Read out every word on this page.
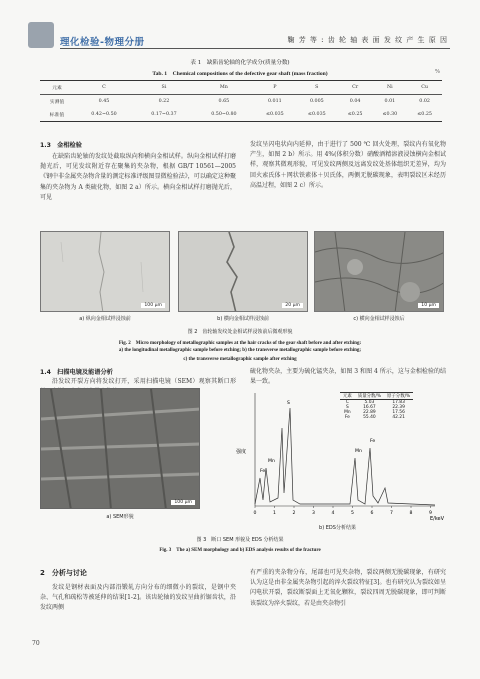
理化检验-物理分册	鞠 芳 等 : 齿 轮 轴 表 面 发 纹 产 生 原 因
表 1　缺陷齿轮轴的化学成分(质量分数)
Tab. 1　Chemical compositions of the defective gear shaft (mass fraction)	%
元素	C	Si	Mn	P	S	Cr	Ni	Cu
实测值	0.45	0.22	0.65	0.011	0.005	0.04	0.01	0.02
标准值	0.42~0.50	0.17~0.37	0.50~0.80	≤0.035	≤0.035	≤0.25	≤0.30	≤0.25
1.3　金相检验
在缺陷齿轮轴的发纹处截取纵向和横向金相试样。纵向金相试样打磨抛光后，可见发纹附近存在聚集的夹杂物，根据 GB/T 10561—2005《钢中非金属夹杂物含量的测定标准评级图显微检验法》，可以确定这种聚集的夹杂物为 A 类硫化物，如图 2 a）所示。横向金相试样打磨抛光后，可见
发纹呈闪电状向内延伸，由于进行了 500 ℃ 回火处理，裂纹内有氧化物产生，如图 2 b）所示。用 4%(体积分数）硝酸酒精溶液浸蚀横向金相试样，观察其微观形貌，可见发纹两侧及远离发纹处基体组织无差异，均为回火索氏体＋网状铁素体＋贝氏体，两侧无脱碳现象，表明裂纹区未经历高温过程，如图 2 c）所示。
100 μm	20 μm	10 μm
a) 纵向金相试样浸蚀前	b) 横向金相试样浸蚀前	c) 横向金相试样浸蚀后
图 2　齿轮轴发纹处金相试样浸蚀前后微观形貌
Fig. 2　Micro morphology of metallographic samples at the hair cracks of the gear shaft before and after etching:
a) the longitudinal metallographic sample before etching; b) the transverse metallographic sample before etching;
c) the transverse metallographic sample after etching
1.4　扫描电镜及能谱分析
沿发纹开裂方向将发纹打开，采用扫描电镜（SEM）观察其断口形
硫化物夹杂，主要为硫化锰夹杂，如图 3 和图 4 所示，这与金相检验的结果一致。
100 μm
a) SEM形貌
强度
E/keV
0	1	2	3	4	5	6	7	8	9
Fe
Mn
S
Mn
Fe
元素	质量分数/%	原子分数/%
C	5.03	17.83
S	16.67	22.39
Mn	22.89	17.56
Fe	55.40	42.21
b) EDS分析结果
图 3　断口 SEM 形貌及 EDS 分析结果
Fig. 3　The a) SEM morphology and b) EDS analysis results of the fracture
2　分析与讨论
发纹是钢材表面及内部沿锻轧方向分布的细微小的裂纹，是钢中夹杂、气孔和疏松等被延伸的结果[1-2]。该齿轮轴的发纹呈曲折锯齿状，沿发纹两侧
有严重的夹杂物分布，尾部也可见夹杂物，裂纹两侧无脱碳现象，有研究认为这是由非金属夹杂物引起的淬火裂纹特征[3]。也有研究认为裂纹如呈闪电状开裂，裂纹断裂面上无氧化颗粒，裂纹四周无脱碳现象，即可判断该裂纹为淬火裂纹，若是由夹杂物引
70
